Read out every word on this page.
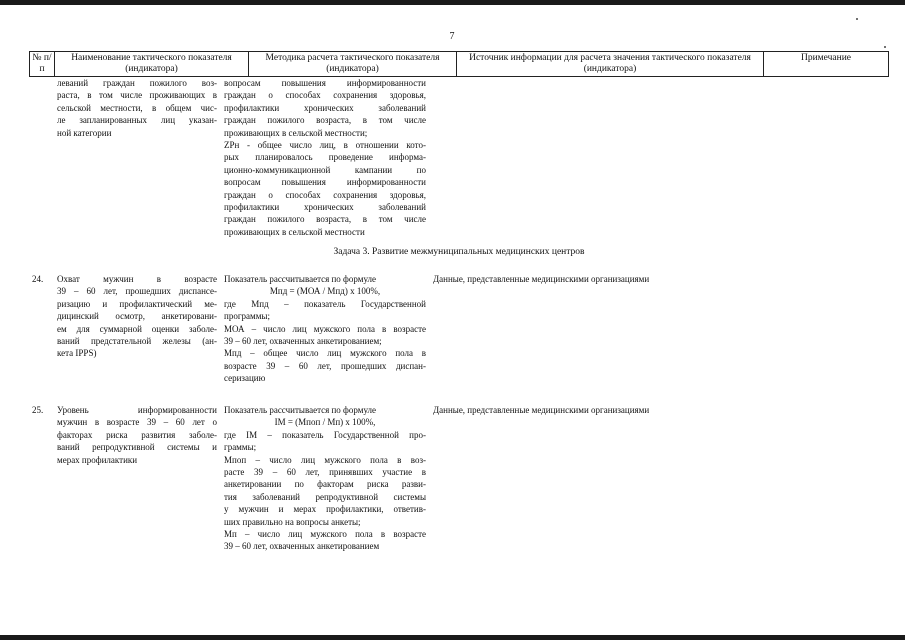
7
№ п/п
Наименование тактического показателя (индикатора)
Методика расчета тактического показателя (индикатора)
Источник информации для расчета значения тактического показателя (индикатора)
Примечание
леваний граждан пожилого воз-
раста, в том числе проживающих в
сельской местности, в общем чис-
ле запланированных лиц указан-
ной категории
вопросам повышения информированности
граждан о способах сохранения здоровья,
профилактики хронических заболеваний
граждан пожилого возраста, в том числе
проживающих в сельской местности;
ZPн - общее число лиц, в отношении кото-
рых планировалось проведение информа-
ционно-коммуникационной кампании по
вопросам повышения информированности
граждан о способах сохранения здоровья,
профилактики хронических заболеваний
граждан пожилого возраста, в том числе
проживающих в сельской местности
Задача 3. Развитие межмуниципальных медицинских центров
24.	Охват мужчин в возрасте
39 – 60 лет, прошедших диспансе-
ризацию и профилактический ме-
дицинский осмотр, анкетировани-
ем для суммарной оценки заболе-
ваний предстательной железы (ан-
кета IPPS)
Показатель рассчитывается по формуле
Мпд = (МОА / Мпд) х 100%,
где Мпд – показатель Государственной
программы;
МОА – число лиц мужского пола в возрасте
39 – 60 лет, охваченных анкетированием;
Мпд – общее число лиц мужского пола в
возрасте 39 – 60 лет, прошедших диспан-
серизацию
Данные, представленные медицинскими организациями
25.	Уровень информированности
мужчин в возрасте 39 – 60 лет о
факторах риска развития заболе-
ваний репродуктивной системы и
мерах профилактики
Показатель рассчитывается по формуле
IМ = (Мпоп / Мп) х 100%,
где IМ – показатель Государственной про-
граммы;
Мпоп – число лиц мужского пола в воз-
расте 39 – 60 лет, принявших участие в
анкетировании по факторам риска разви-
тия заболеваний репродуктивной системы
у мужчин и мерах профилактики, ответив-
ших правильно на вопросы анкеты;
Мп – число лиц мужского пола в возрасте
39 – 60 лет, охваченных анкетированием
Данные, представленные медицинскими организациями
